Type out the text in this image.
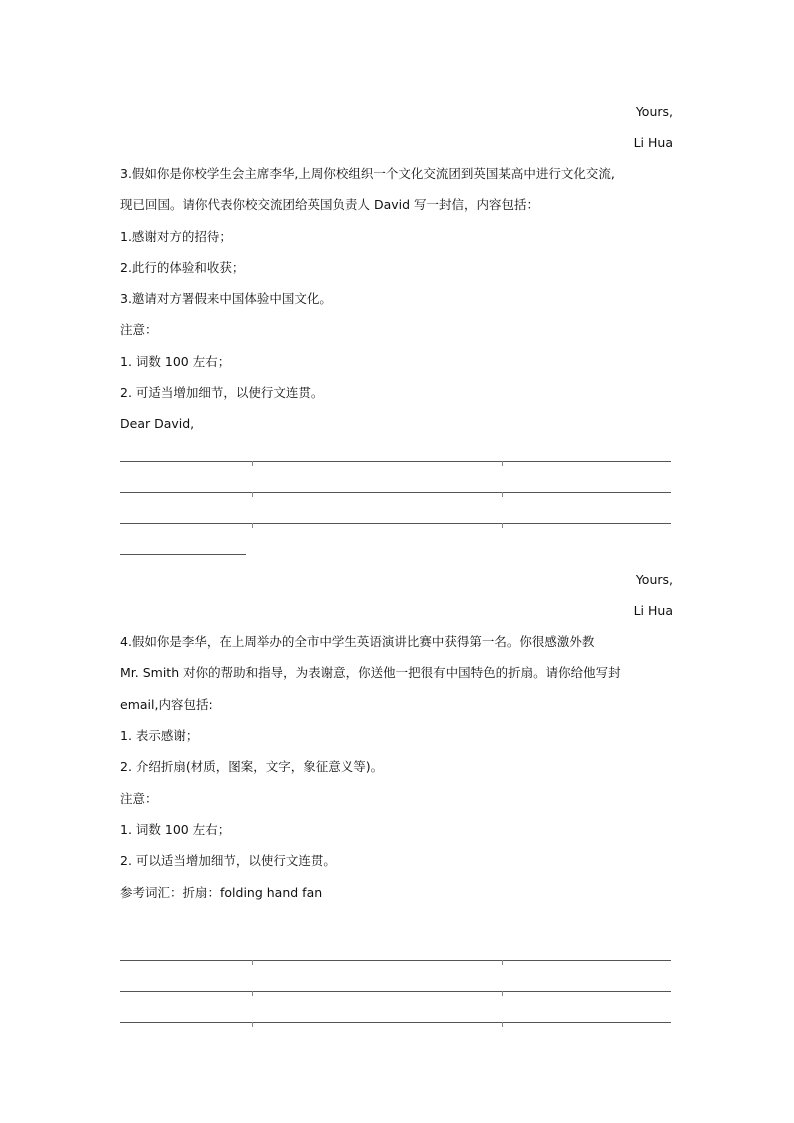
Yours,
Li Hua
3.假如你是你校学生会主席李华,上周你校组织一个文化交流团到英国某高中进行文化交流,
现已回国。请你代表你校交流团给英国负责人 David 写一封信，内容包括：
1.感谢对方的招待；
2.此行的体验和收获；
3.邀请对方署假来中国体验中国文化。
注意：
1. 词数 100 左右；
2. 可适当增加细节，以使行文连贯。
Dear David,
Yours,
Li Hua
4.假如你是李华，在上周举办的全市中学生英语演讲比赛中获得第一名。你很感激外教
Mr. Smith 对你的帮助和指导，为表谢意，你送他一把很有中国特色的折扇。请你给他写封
email,内容包括:
1. 表示感谢；
2. 介绍折扇(材质，图案，文字，象征意义等)。
注意：
1. 词数 100 左右；
2. 可以适当增加细节，以使行文连贯。
参考词汇：折扇：folding hand fan
